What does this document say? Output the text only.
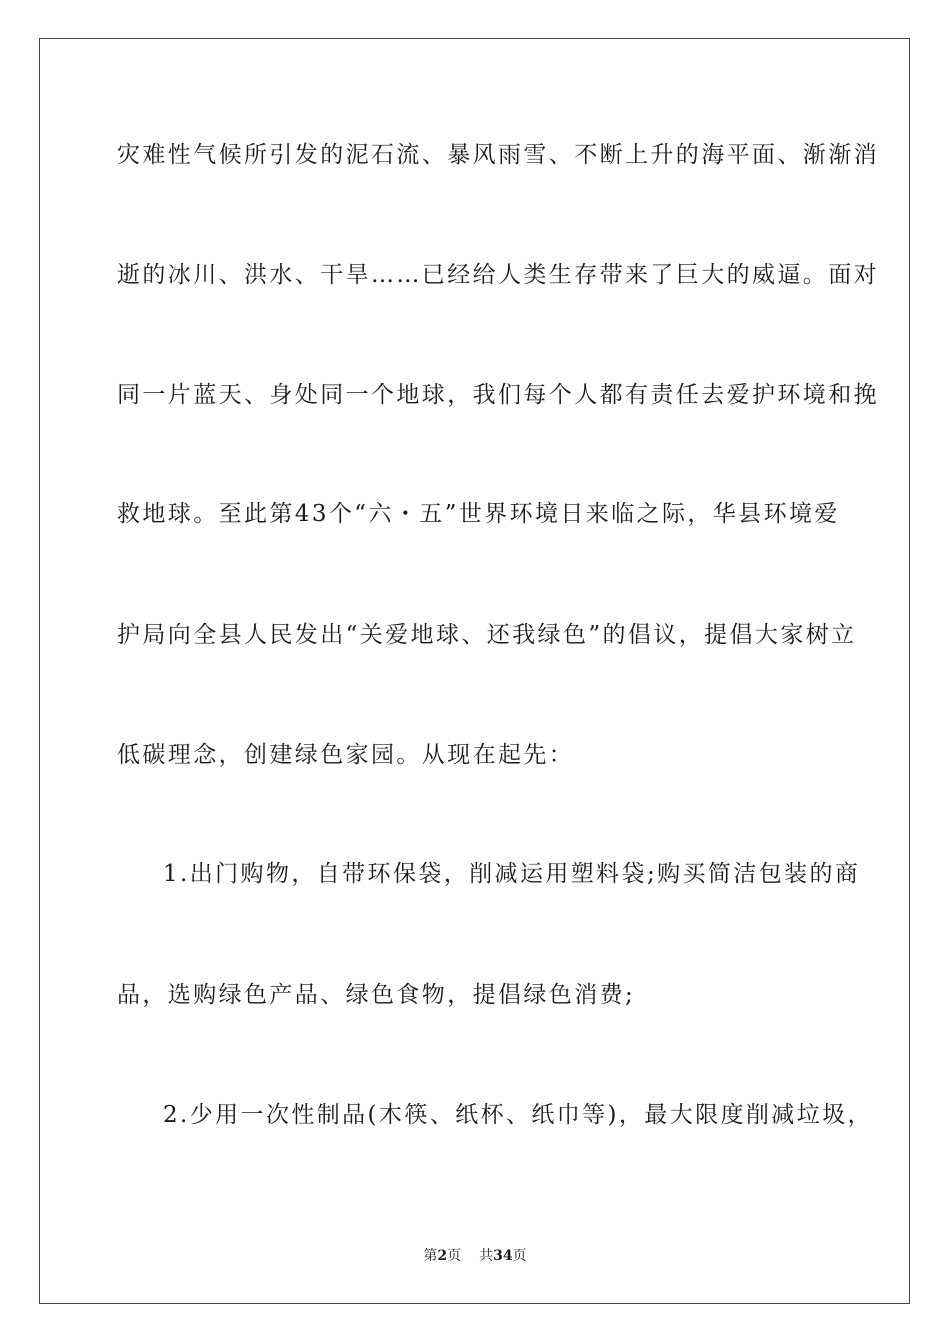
灾难性气候所引发的泥石流、暴风雨雪、不断上升的海平面、渐渐消
逝的冰川、洪水、干旱……已经给人类生存带来了巨大的威逼。面对
同一片蓝天、身处同一个地球，我们每个人都有责任去爱护环境和挽
救地球。至此第43个“六・五”世界环境日来临之际，华县环境爱
护局向全县人民发出“关爱地球、还我绿色”的倡议，提倡大家树立
低碳理念，创建绿色家园。从现在起先：
1.出门购物，自带环保袋，削减运用塑料袋;购买简洁包装的商
品，选购绿色产品、绿色食物，提倡绿色消费;
2.少用一次性制品(木筷、纸杯、纸巾等)，最大限度削减垃圾，
第2页 共34页
